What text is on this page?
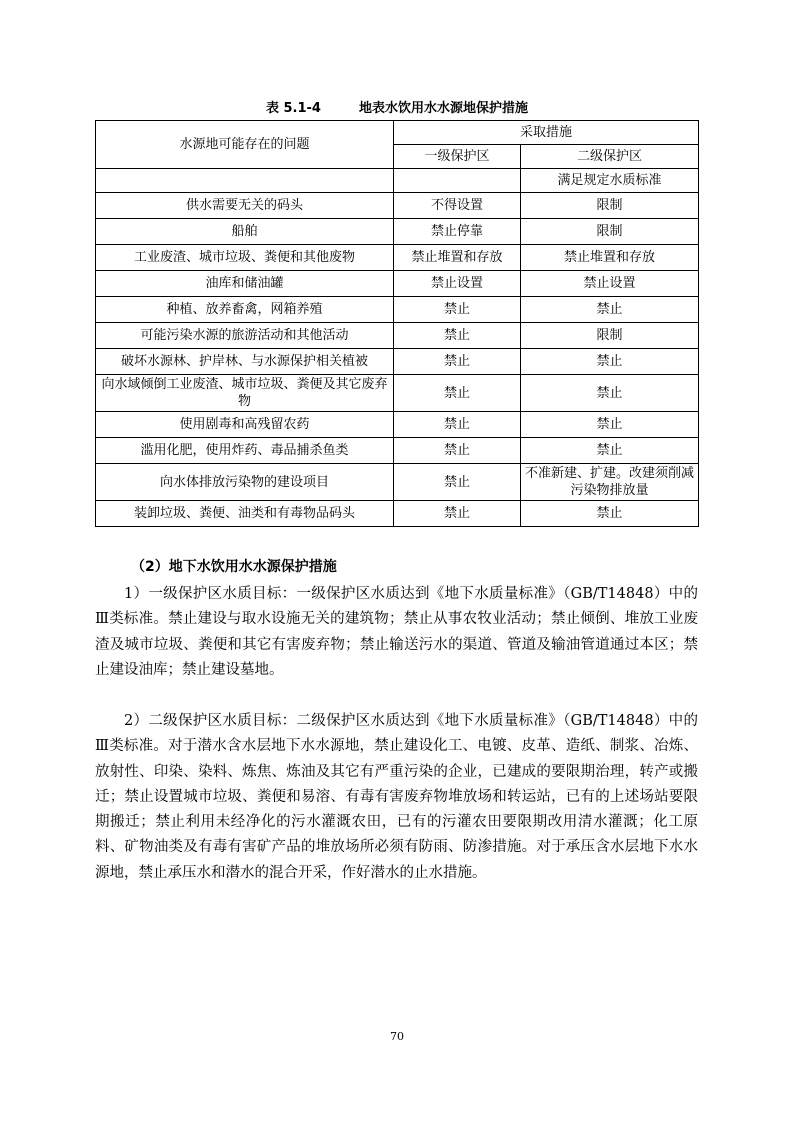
表 5.1-4	地表水饮用水水源地保护措施
水源地可能存在的问题	采取措施	
	一级保护区	二级保护区
		满足规定水质标准
供水需要无关的码头	不得设置	限制
船舶	禁止停靠	限制
工业废渣、城市垃圾、粪便和其他废物	禁止堆置和存放	禁止堆置和存放
油库和储油罐	禁止设置	禁止设置
种植、放养畜禽，网箱养殖	禁止	禁止
可能污染水源的旅游活动和其他活动	禁止	限制
破坏水源林、护岸林、与水源保护相关植被	禁止	禁止
向水域倾倒工业废渣、城市垃圾、粪便及其它废弃物	禁止	禁止
使用剧毒和高残留农药	禁止	禁止
滥用化肥，使用炸药、毒品捕杀鱼类	禁止	禁止
向水体排放污染物的建设项目	禁止	不准新建、扩建。改建须削减污染物排放量
装卸垃圾、粪便、油类和有毒物品码头	禁止	禁止
（2）地下水饮用水水源保护措施

1）一级保护区水质目标：一级保护区水质达到《地下水质量标准》（GB/T14848）中的Ⅲ类标准。禁止建设与取水设施无关的建筑物；禁止从事农牧业活动；禁止倾倒、堆放工业废渣及城市垃圾、粪便和其它有害废弃物；禁止输送污水的渠道、管道及输油管道通过本区；禁止建设油库；禁止建设墓地。

2）二级保护区水质目标：二级保护区水质达到《地下水质量标准》（GB/T14848）中的Ⅲ类标准。对于潜水含水层地下水水源地，禁止建设化工、电镀、皮革、造纸、制浆、冶炼、放射性、印染、染料、炼焦、炼油及其它有严重污染的企业，已建成的要限期治理，转产或搬迁；禁止设置城市垃圾、粪便和易溶、有毒有害废弃物堆放场和转运站，已有的上述场站要限期搬迁；禁止利用未经净化的污水灌溉农田，已有的污灌农田要限期改用清水灌溉；化工原料、矿物油类及有毒有害矿产品的堆放场所必须有防雨、防渗措施。对于承压含水层地下水水源地，禁止承压水和潜水的混合开采，作好潜水的止水措施。

70
